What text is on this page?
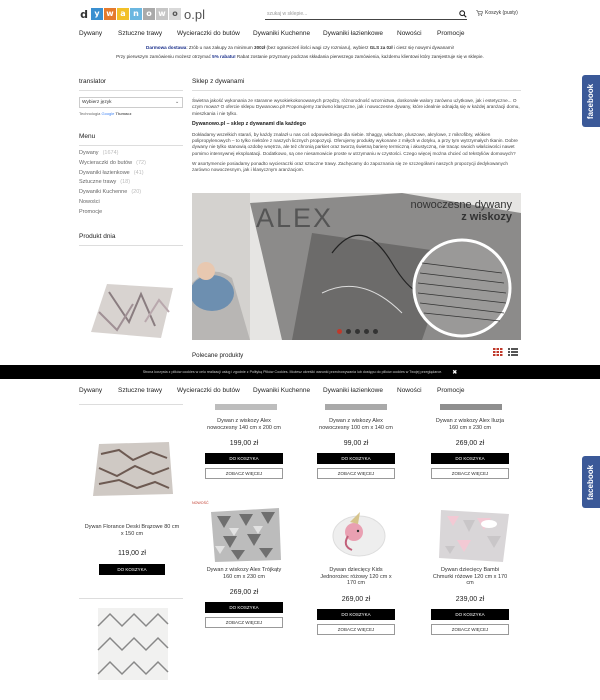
d y w a n o w o o.pl	szukaj w sklepie...	Koszyk (pusty)
Dywany Sztuczne trawy Wycieraczki do butów Dywaniki Kuchenne Dywaniki łazienkowe Nowości Promocje
Darmowa dostawa: Zrób u nas zakupy za minimum 300zł (bez ograniczeń ilości wagi czy rozmiaru), wybierz GLS za 0zł i ciesz się nowymi dywanami!
Przy pierwszym zamówieniu możesz otrzymać 5% rabatu! Rabat zostanie przyznany podczas składania pierwszego zamówienia, każdemu klientowi który zarejestruje się w sklepie.
translator
Wybierz język	⌄
Technologia Google Tłumacz
Menu
Dywany (1674)
Wycieraczki do butów (72)
Dywaniki łazienkowe (41)
Sztuczne trawy (18)
Dywaniki Kuchenne (20)
Nowości
Promocje
Produkt dnia
Sklep z dywanami

Świetna jakość wykonania ze staranne wysokiekokonowanych przędzy, różnorodność wzornictwa, doskonałe walory zarówno użytkowe, jak i estetyczne... O czym mowa? O ofercie sklepu Dywanowo.pl! Proponujemy zarówno klasyczne, jak i nowoczesne dywany, które idealnie odnajdą się w każdej aranżacji domu, mieszkania i nie tylko.

Dywanowo.pl – sklep z dywanami dla każdego

Dokładamy wszelkich starań, by każdy znalazł u nas coś odpowiedniego dla siebie. Shaggy, włochate, pluszowe, akrylowe, z mikrofibry, włókien polipropylenowych – to tylko niektóre z naszych licznych propozycji. Oferujemy produkty wykonane z miłych w dotyku, a przy tym wytrzymałych tkanin. Dobre dywany nie tylko stanowią ozdobę wnętrza, ale też chronią parkiet oraz tworzą świetną barierę termiczną i akustyczną, nie tracąc swoich właściwości nawet pomimo intensywnej eksploatacji. Dodatkowo, są one niesamowicie proste w utrzymaniu w czystości. Czego więcej można chcieć od tekstyliów domowych?

W asortymencie posiadamy ponadto wycieraczki oraz sztuczne trawy. Zachęcamy do zapoznania się ze szczegółami naszych propozycji dedykowanych zarówno nowoczesnym, jak i klasycznym aranżacjom.

ALEX	nowoczesne dywany
z wiskozy
Polecane produkty
facebook
facebook
Strona korzysta z plików cookies w celu realizacji usług i zgodnie z Polityką Plików Cookies. Możesz określić warunki przechowywania lub dostępu do plików cookies w Twojej przeglądarce. ✖
Dywany Sztuczne trawy Wycieraczki do butów Dywaniki Kuchenne Dywaniki łazienkowe Nowości Promocje
Dywan z wiskozy Alex nowoczesny 140 cm x 200 cm
199,00 zł
DO KOSZYKA
ZOBACZ WIĘCEJ
Dywan z wiskozy Alex nowoczesny 100 cm x 140 cm
99,00 zł
DO KOSZYKA
ZOBACZ WIĘCEJ
Dywan z wiskozy Alex Iluzja 160 cm x 230 cm
269,00 zł
DO KOSZYKA
ZOBACZ WIĘCEJ
Dywan Florance Deski Brązowe 80 cm x 150 cm
119,00 zł
DO KOSZYKA
NOWOŚĆ
Dywan z wiskozy Alex Trójkąty 160 cm x 230 cm
269,00 zł
DO KOSZYKA
ZOBACZ WIĘCEJ
Dywan dziecięcy Kids Jednorożec różowy 120 cm x 170 cm
269,00 zł
DO KOSZYKA
ZOBACZ WIĘCEJ
Dywan dziecięcy Bambi Chmurki różowe 120 cm x 170 cm
239,00 zł
DO KOSZYKA
ZOBACZ WIĘCEJ
